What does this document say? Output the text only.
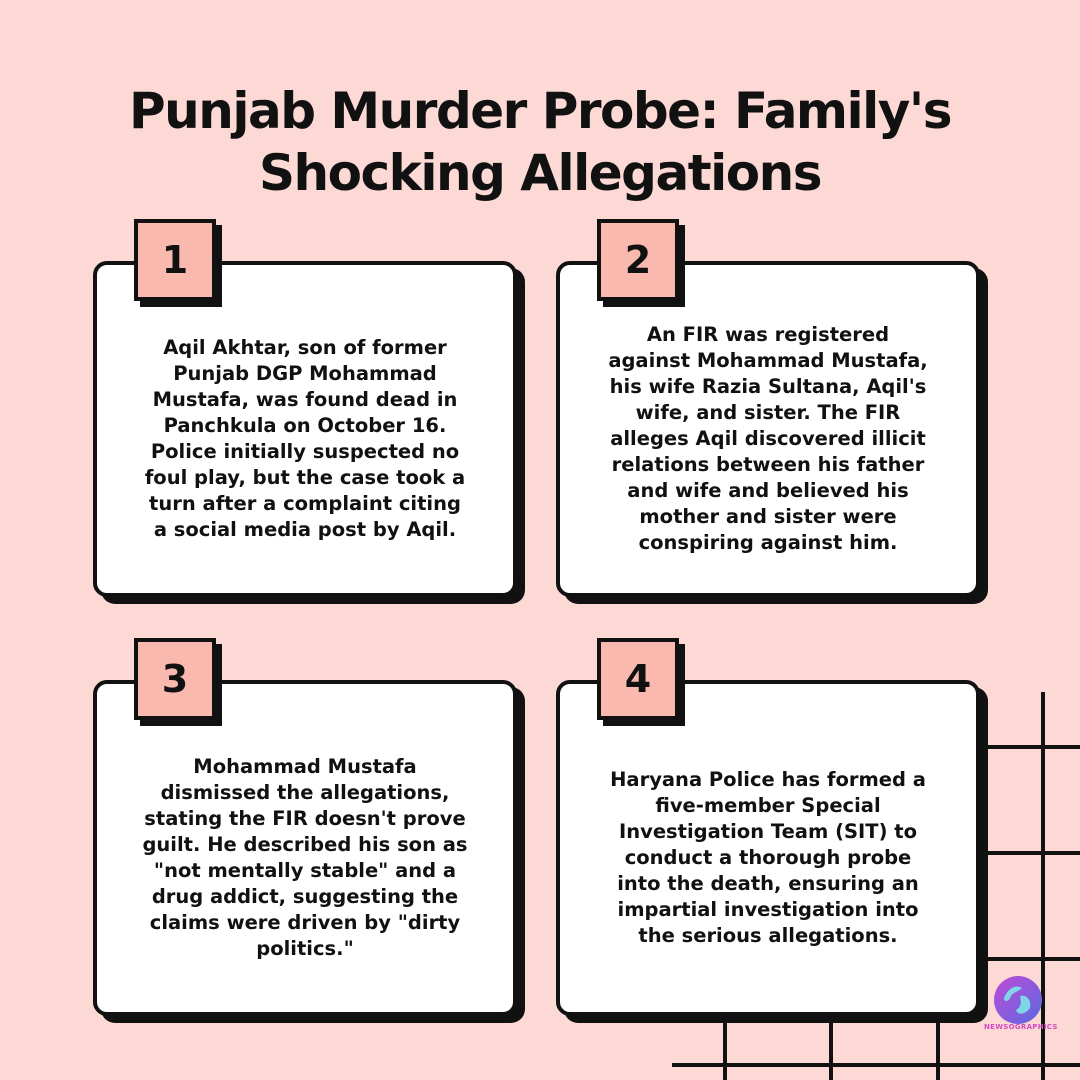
Punjab Murder Probe: Family's Shocking Allegations
Aqil Akhtar, son of former Punjab DGP Mohammad Mustafa, was found dead in Panchkula on October 16. Police initially suspected no foul play, but the case took a turn after a complaint citing a social media post by Aqil.
1
An FIR was registered against Mohammad Mustafa, his wife Razia Sultana, Aqil's wife, and sister. The FIR alleges Aqil discovered illicit relations between his father and wife and believed his mother and sister were conspiring against him.
2
Mohammad Mustafa dismissed the allegations, stating the FIR doesn't prove guilt. He described his son as "not mentally stable" and a drug addict, suggesting the claims were driven by "dirty politics."
3
Haryana Police has formed a five-member Special Investigation Team (SIT) to conduct a thorough probe into the death, ensuring an impartial investigation into the serious allegations.
4
NEWSOGRAPHICS
